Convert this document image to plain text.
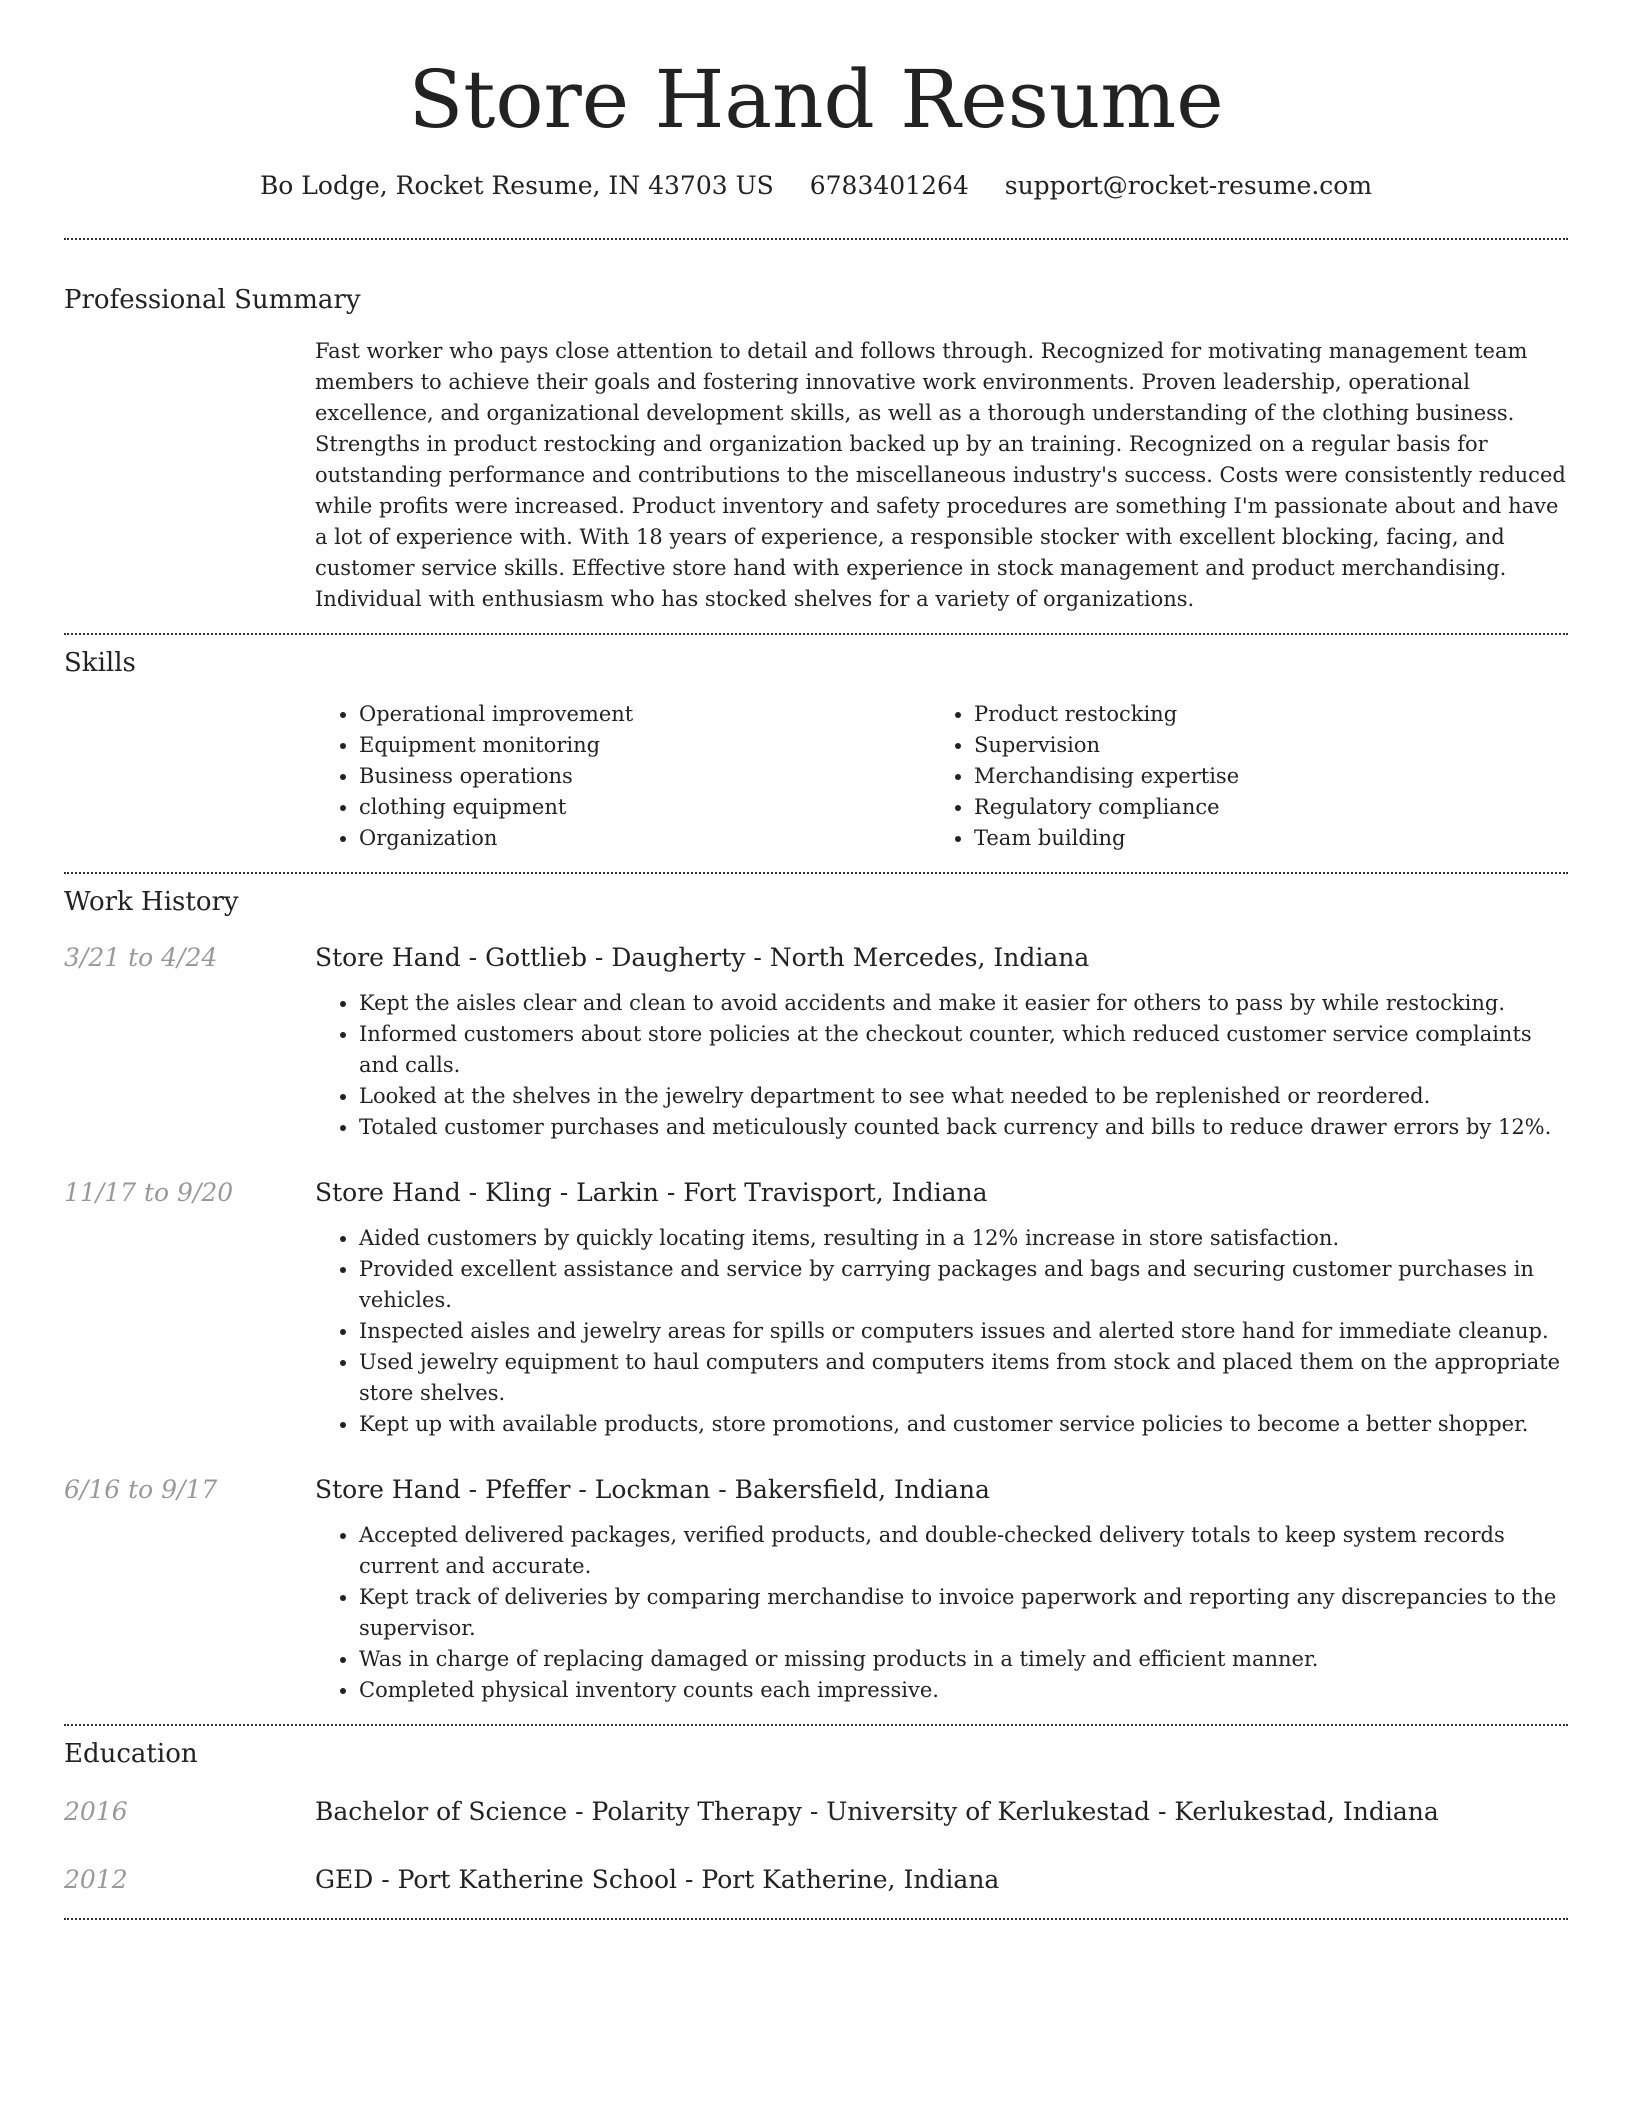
Store Hand Resume
Bo Lodge, Rocket Resume, IN 43703 US 6783401264 support@rocket-resume.com
Professional Summary
Fast worker who pays close attention to detail and follows through. Recognized for motivating management team members to achieve their goals and fostering innovative work environments. Proven leadership, operational excellence, and organizational development skills, as well as a thorough understanding of the clothing business. Strengths in product restocking and organization backed up by an training. Recognized on a regular basis for outstanding performance and contributions to the miscellaneous industry's success. Costs were consistently reduced while profits were increased. Product inventory and safety procedures are something I'm passionate about and have a lot of experience with. With 18 years of experience, a responsible stocker with excellent blocking, facing, and customer service skills. Effective store hand with experience in stock management and product merchandising. Individual with enthusiasm who has stocked shelves for a variety of organizations.
Skills
• Operational improvement
• Equipment monitoring
• Business operations
• clothing equipment
• Organization
• Product restocking
• Supervision
• Merchandising expertise
• Regulatory compliance
• Team building
Work History
3/21 to 4/24	Store Hand - Gottlieb - Daugherty - North Mercedes, Indiana
• Kept the aisles clear and clean to avoid accidents and make it easier for others to pass by while restocking.
• Informed customers about store policies at the checkout counter, which reduced customer service complaints and calls.
• Looked at the shelves in the jewelry department to see what needed to be replenished or reordered.
• Totaled customer purchases and meticulously counted back currency and bills to reduce drawer errors by 12%.
11/17 to 9/20	Store Hand - Kling - Larkin - Fort Travisport, Indiana
• Aided customers by quickly locating items, resulting in a 12% increase in store satisfaction.
• Provided excellent assistance and service by carrying packages and bags and securing customer purchases in vehicles.
• Inspected aisles and jewelry areas for spills or computers issues and alerted store hand for immediate cleanup.
• Used jewelry equipment to haul computers and computers items from stock and placed them on the appropriate store shelves.
• Kept up with available products, store promotions, and customer service policies to become a better shopper.
6/16 to 9/17	Store Hand - Pfeffer - Lockman - Bakersfield, Indiana
• Accepted delivered packages, verified products, and double-checked delivery totals to keep system records current and accurate.
• Kept track of deliveries by comparing merchandise to invoice paperwork and reporting any discrepancies to the supervisor.
• Was in charge of replacing damaged or missing products in a timely and efficient manner.
• Completed physical inventory counts each impressive.
Education
2016	Bachelor of Science - Polarity Therapy - University of Kerlukestad - Kerlukestad, Indiana
2012	GED - Port Katherine School - Port Katherine, Indiana
